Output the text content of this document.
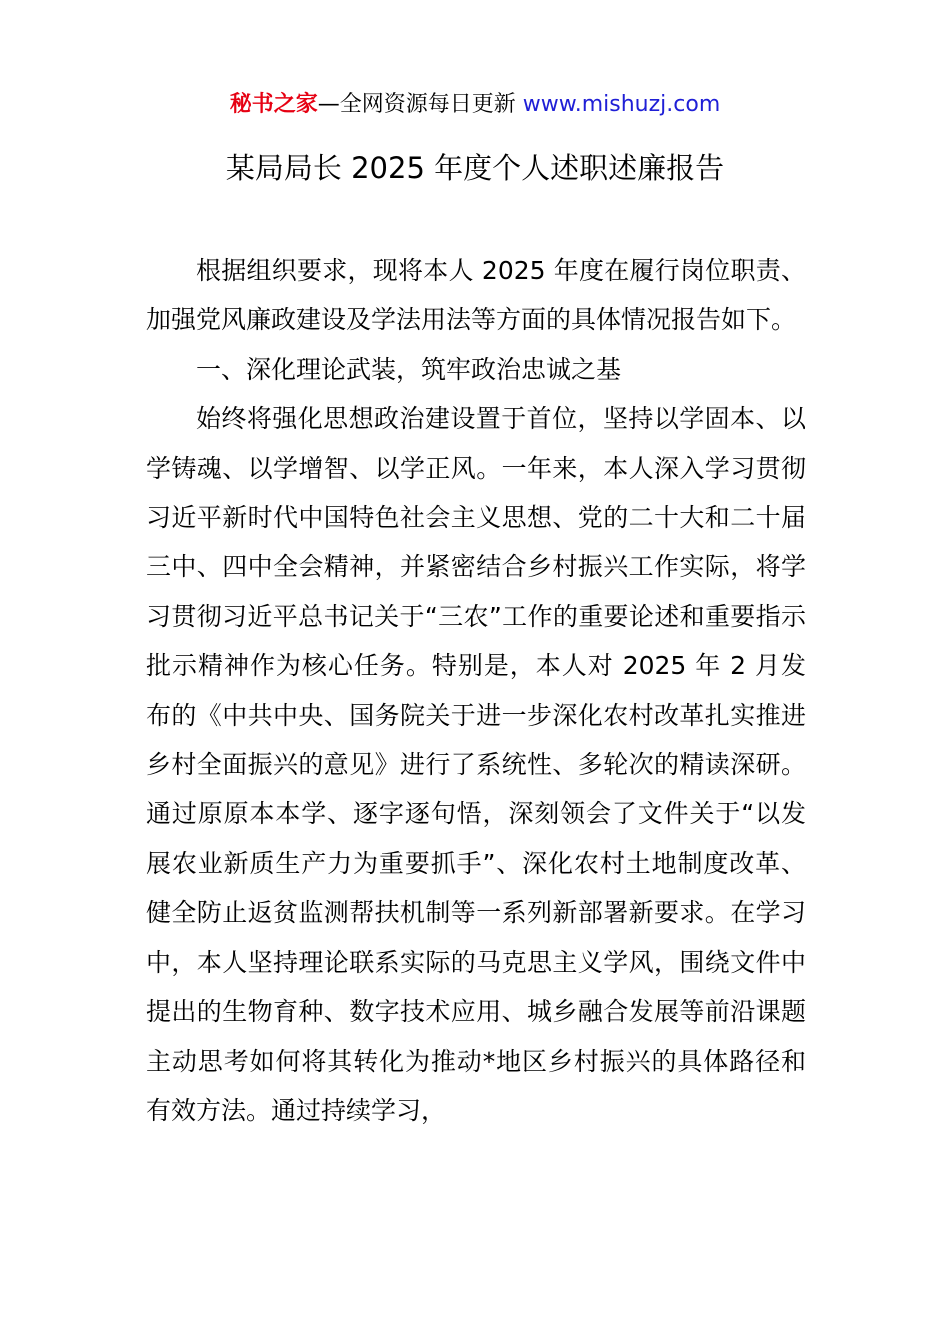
秘书之家—全网资源每日更新 www.mishuzj.com
某局局长 2025 年度个人述职述廉报告

根据组织要求，现将本人 2025 年度在履行岗位职责、加强党风廉政建设及学法用法等方面的具体情况报告如下。

一、深化理论武装，筑牢政治忠诚之基

始终将强化思想政治建设置于首位，坚持以学固本、以学铸魂、以学增智、以学正风。一年来，本人深入学习贯彻习近平新时代中国特色社会主义思想、党的二十大和二十届三中、四中全会精神，并紧密结合乡村振兴工作实际，将学习贯彻习近平总书记关于“三农”工作的重要论述和重要指示批示精神作为核心任务。特别是，本人对 2025 年 2 月发布的《中共中央、国务院关于进一步深化农村改革扎实推进乡村全面振兴的意见》进行了系统性、多轮次的精读深研。通过原原本本学、逐字逐句悟，深刻领会了文件关于“以发展农业新质生产力为重要抓手”、深化农村土地制度改革、健全防止返贫监测帮扶机制等一系列新部署新要求。在学习中，本人坚持理论联系实际的马克思主义学风，围绕文件中提出的生物育种、数字技术应用、城乡融合发展等前沿课题主动思考如何将其转化为推动*地区乡村振兴的具体路径和有效方法。通过持续学习，
